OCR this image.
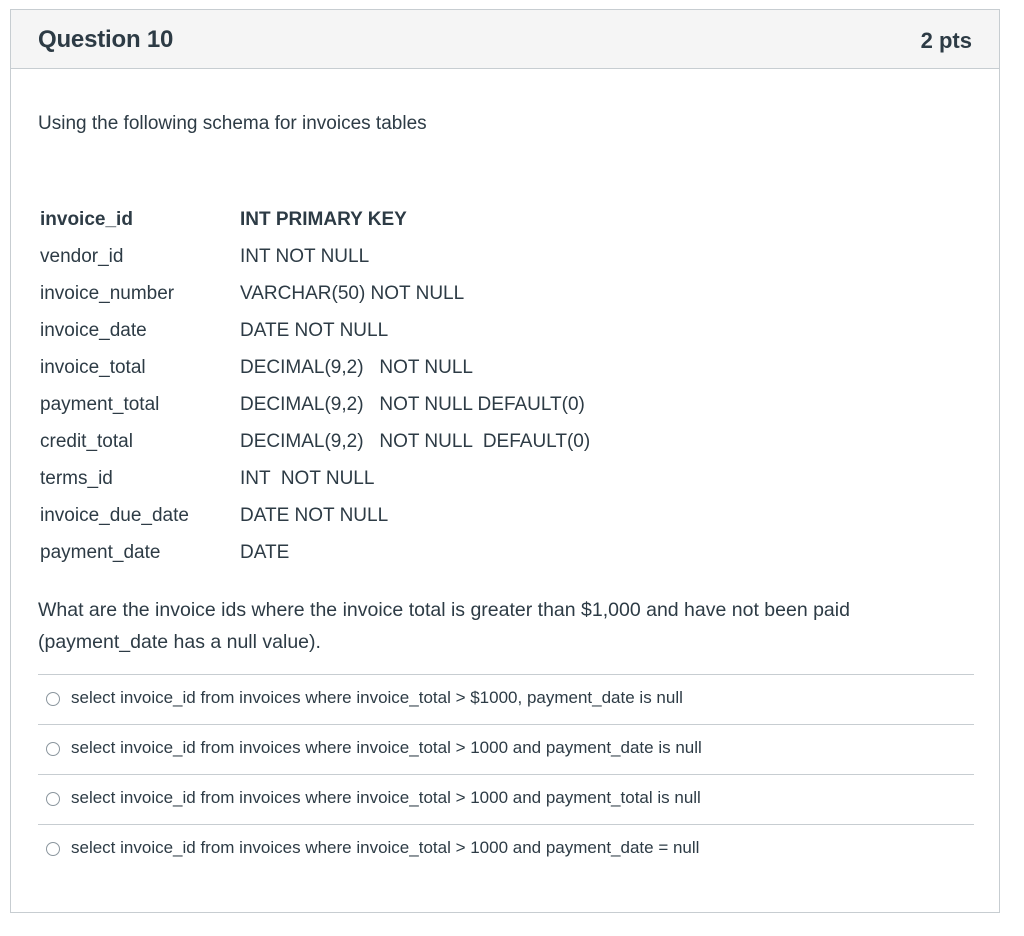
Question 10	2 pts
Using the following schema for invoices tables
invoice_id	INT PRIMARY KEY
vendor_id	INT NOT NULL
invoice_number	VARCHAR(50) NOT NULL
invoice_date	DATE NOT NULL
invoice_total	DECIMAL(9,2)   NOT NULL
payment_total	DECIMAL(9,2)   NOT NULL DEFAULT(0)
credit_total	DECIMAL(9,2)   NOT NULL  DEFAULT(0)
terms_id	INT  NOT NULL
invoice_due_date	DATE NOT NULL
payment_date	DATE
What are the invoice ids where the invoice total is greater than $1,000 and have not been paid (payment_date has a null value).
select invoice_id from invoices where invoice_total > $1000, payment_date is null
select invoice_id from invoices where invoice_total > 1000 and payment_date is null
select invoice_id from invoices where invoice_total > 1000 and payment_total is null
select invoice_id from invoices where invoice_total > 1000 and payment_date = null
